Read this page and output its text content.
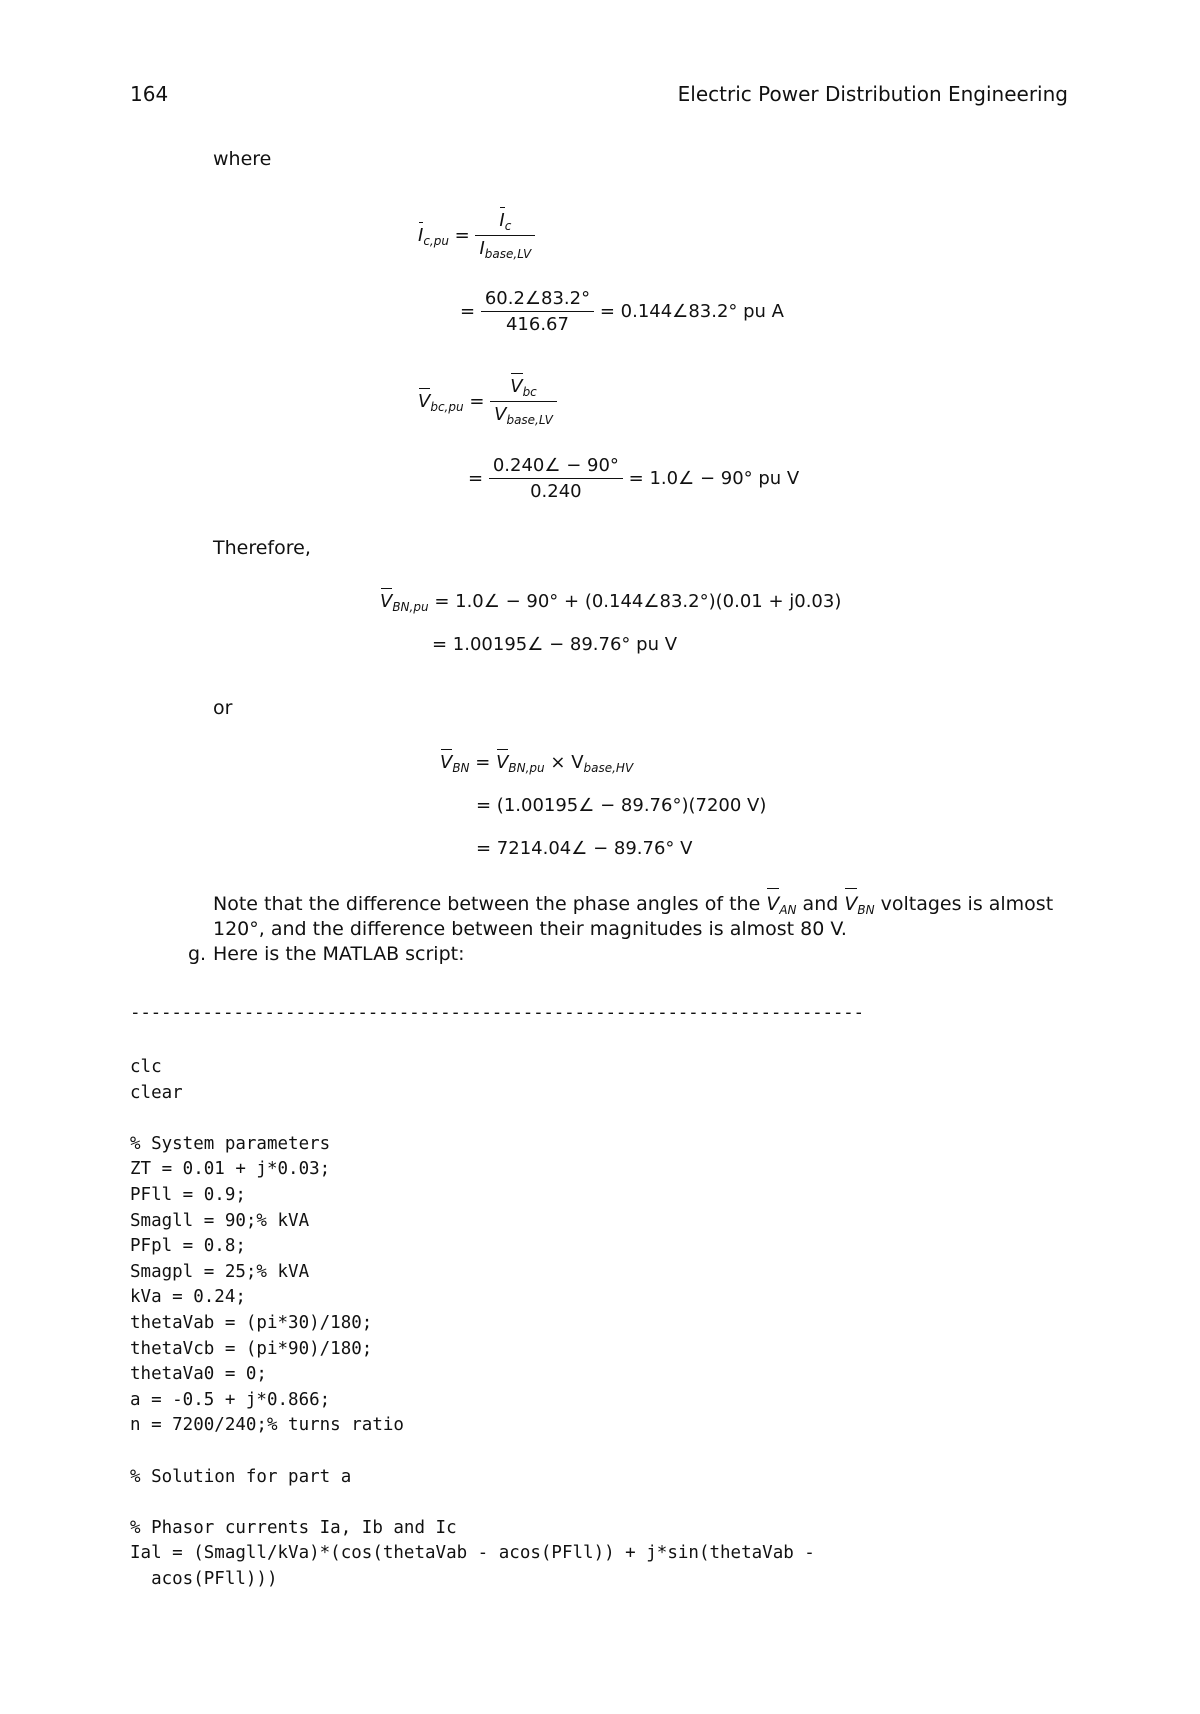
164	Electric Power Distribution Engineering
where
$I_{c,pu} = \frac{I_c}{I_{base,LV}}$
= $\frac{60.2\angle 83.2^\circ}{416.67}$ = 0.144∠83.2° pu A
$V_{bc,pu} = \frac{V_{bc}}{V_{base,LV}}$
= $\frac{0.240\angle - 90^\circ}{0.240}$ = 1.0∠ − 90° pu V
Therefore,
$V_{BN,pu}$ = 1.0∠ − 90° + (0.144∠83.2°)(0.01 + j0.03)
= 1.00195∠ − 89.76° pu V
or
$V_{BN} = V_{BN,pu} \times V_{base,HV}$
= (1.00195∠ − 89.76°)(7200 V)
= 7214.04∠ − 89.76° V
Note that the difference between the phase angles of the $V_{AN}$ and $V_{BN}$ voltages is almost
120°, and the difference between their magnitudes is almost 80 V.
g. Here is the MATLAB script:
-----------------------------------------------------------------------
clc
clear

% System parameters
ZT = 0.01 + j*0.03;
PFll = 0.9;
Smagll = 90;% kVA
PFpl = 0.8;
Smagpl = 25;% kVA
kVa = 0.24;
thetaVab = (pi*30)/180;
thetaVcb = (pi*90)/180;
thetaVa0 = 0;
a = -0.5 + j*0.866;
n = 7200/240;% turns ratio

% Solution for part a

% Phasor currents Ia, Ib and Ic
Ial = (Smagll/kVa)*(cos(thetaVab - acos(PFll)) + j*sin(thetaVab -
acos(PFll)))
